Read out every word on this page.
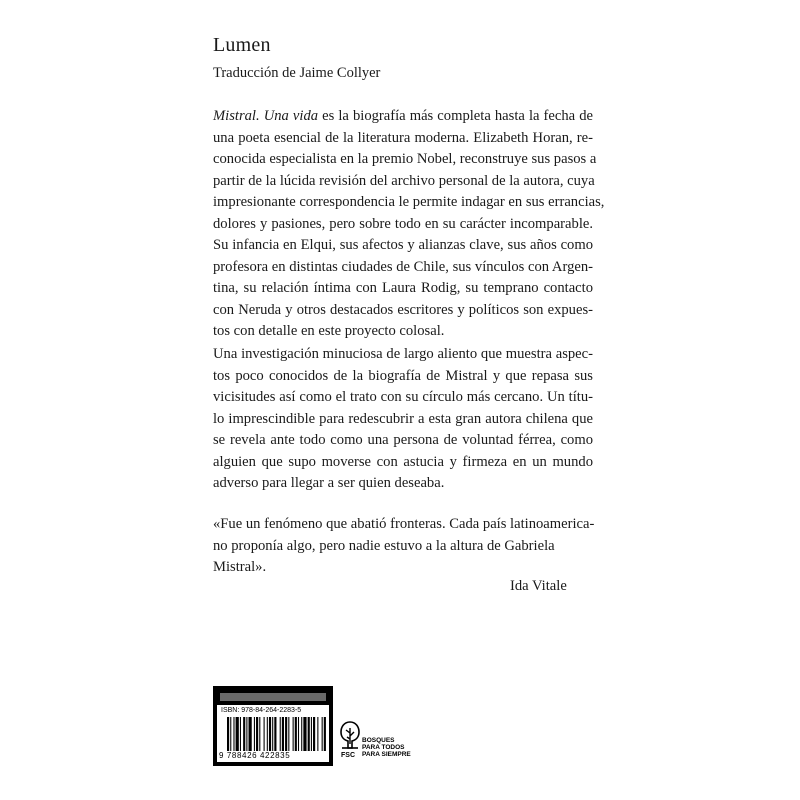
Lumen
Traducción de Jaime Collyer

Mistral. Una vida es la biografía más completa hasta la fecha de
una poeta esencial de la literatura moderna. Elizabeth Horan, re-
conocida especialista en la premio Nobel, reconstruye sus pasos a
partir de la lúcida revisión del archivo personal de la autora, cuya
impresionante correspondencia le permite indagar en sus errancias,
dolores y pasiones, pero sobre todo en su carácter incomparable.
Su infancia en Elqui, sus afectos y alianzas clave, sus años como
profesora en distintas ciudades de Chile, sus vínculos con Argen-
tina, su relación íntima con Laura Rodig, su temprano contacto
con Neruda y otros destacados escritores y políticos son expues-
tos con detalle en este proyecto colosal.

Una investigación minuciosa de largo aliento que muestra aspec-
tos poco conocidos de la biografía de Mistral y que repasa sus
vicisitudes así como el trato con su círculo más cercano. Un títu-
lo imprescindible para redescubrir a esta gran autora chilena que
se revela ante todo como una persona de voluntad férrea, como
alguien que supo moverse con astucia y firmeza en un mundo
adverso para llegar a ser quien deseaba.

«Fue un fenómeno que abatió fronteras. Cada país latinoamerica-
no proponía algo, pero nadie estuvo a la altura de Gabriela
Mistral».
Ida Vitale
ISBN: 978-84-264-2283-5
9 788426 422835	FSC
BOSQUES
PARA TODOS
PARA SIEMPRE
